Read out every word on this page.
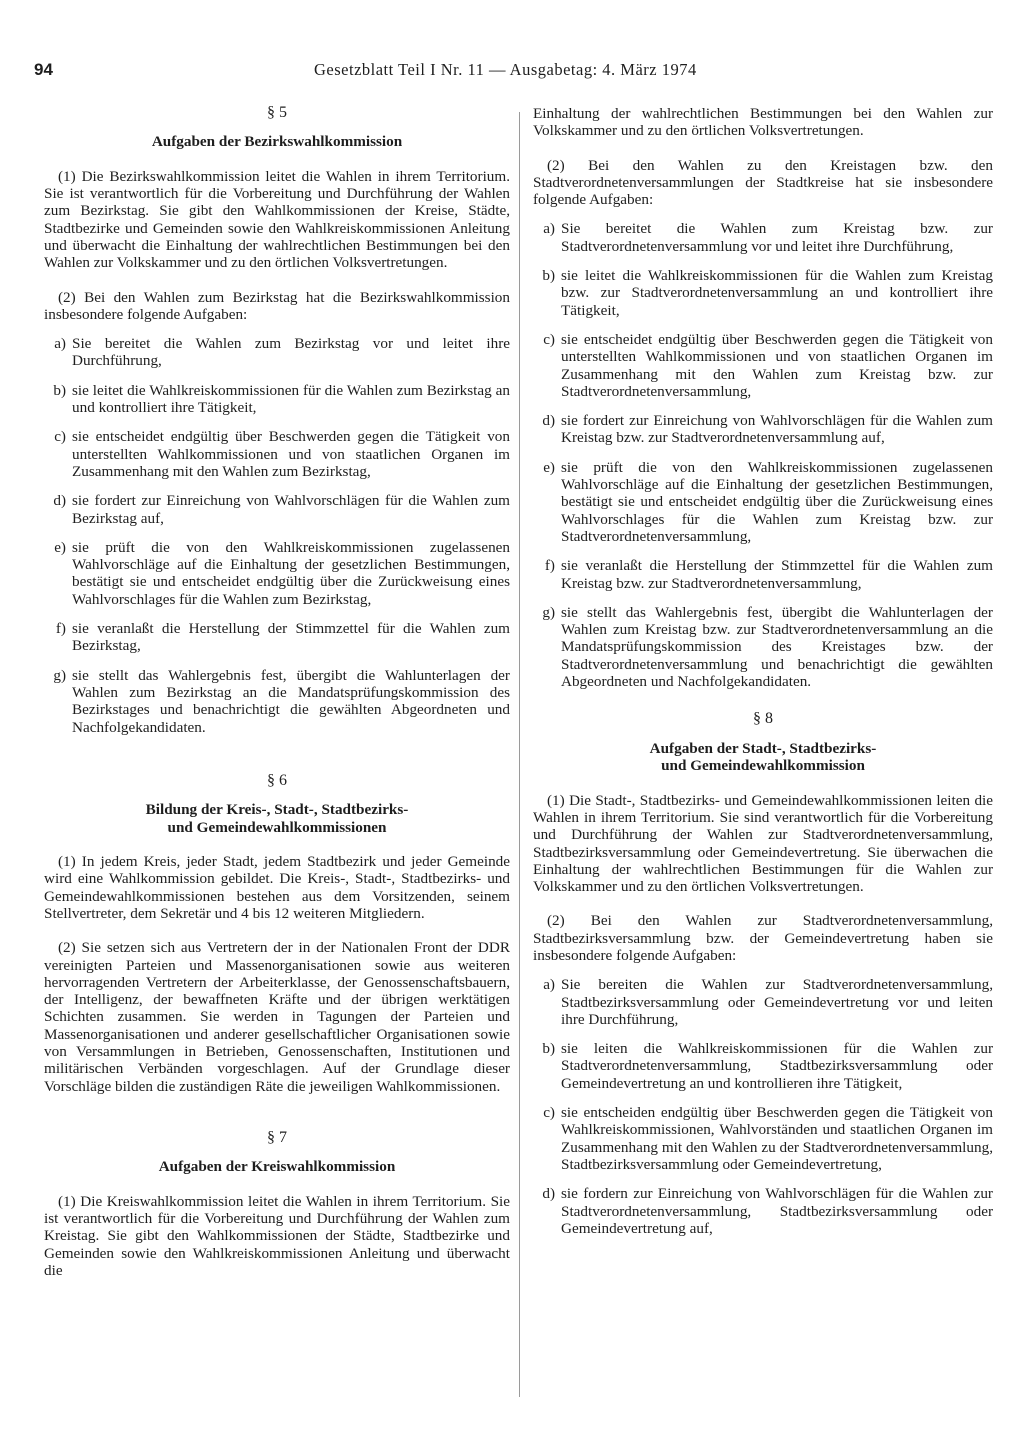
94	Gesetzblatt Teil I Nr. 11 — Ausgabetag: 4. März 1974

§ 5

Aufgaben der Bezirkswahlkommission

(1) Die Bezirkswahlkommission leitet die Wahlen in ihrem Territorium. Sie ist verantwortlich für die Vorbereitung und Durchführung der Wahlen zum Bezirkstag. Sie gibt den Wahlkommissionen der Kreise, Städte, Stadtbezirke und Gemeinden sowie den Wahlkreiskommissionen Anleitung und überwacht die Einhaltung der wahlrechtlichen Bestimmungen bei den Wahlen zur Volkskammer und zu den örtlichen Volksvertretungen.

(2) Bei den Wahlen zum Bezirkstag hat die Bezirkswahlkommission insbesondere folgende Aufgaben:

a) Sie bereitet die Wahlen zum Bezirkstag vor und leitet ihre Durchführung,
b) sie leitet die Wahlkreiskommissionen für die Wahlen zum Bezirkstag an und kontrolliert ihre Tätigkeit,
c) sie entscheidet endgültig über Beschwerden gegen die Tätigkeit von unterstellten Wahlkommissionen und von staatlichen Organen im Zusammenhang mit den Wahlen zum Bezirkstag,
d) sie fordert zur Einreichung von Wahlvorschlägen für die Wahlen zum Bezirkstag auf,
e) sie prüft die von den Wahlkreiskommissionen zugelassenen Wahlvorschläge auf die Einhaltung der gesetzlichen Bestimmungen, bestätigt sie und entscheidet endgültig über die Zurückweisung eines Wahlvorschlages für die Wahlen zum Bezirkstag,
f) sie veranlaßt die Herstellung der Stimmzettel für die Wahlen zum Bezirkstag,
g) sie stellt das Wahlergebnis fest, übergibt die Wahlunterlagen der Wahlen zum Bezirkstag an die Mandatsprüfungskommission des Bezirkstages und benachrichtigt die gewählten Abgeordneten und Nachfolgekandidaten.

§ 6

Bildung der Kreis-, Stadt-, Stadtbezirks-
und Gemeindewahlkommissionen

(1) In jedem Kreis, jeder Stadt, jedem Stadtbezirk und jeder Gemeinde wird eine Wahlkommission gebildet. Die Kreis-, Stadt-, Stadtbezirks- und Gemeindewahlkommissionen bestehen aus dem Vorsitzenden, seinem Stellvertreter, dem Sekretär und 4 bis 12 weiteren Mitgliedern.

(2) Sie setzen sich aus Vertretern der in der Nationalen Front der DDR vereinigten Parteien und Massenorganisationen sowie aus weiteren hervorragenden Vertretern der Arbeiterklasse, der Genossenschaftsbauern, der Intelligenz, der bewaffneten Kräfte und der übrigen werktätigen Schichten zusammen. Sie werden in Tagungen der Parteien und Massenorganisationen und anderer gesellschaftlicher Organisationen sowie von Versammlungen in Betrieben, Genossenschaften, Institutionen und militärischen Verbänden vorgeschlagen. Auf der Grundlage dieser Vorschläge bilden die zuständigen Räte die jeweiligen Wahlkommissionen.

§ 7

Aufgaben der Kreiswahlkommission

(1) Die Kreiswahlkommission leitet die Wahlen in ihrem Territorium. Sie ist verantwortlich für die Vorbereitung und Durchführung der Wahlen zum Kreistag. Sie gibt den Wahlkommissionen der Städte, Stadtbezirke und Gemeinden sowie den Wahlkreiskommissionen Anleitung und überwacht die

Einhaltung der wahlrechtlichen Bestimmungen bei den Wahlen zur Volkskammer und zu den örtlichen Volksvertretungen.

(2) Bei den Wahlen zu den Kreistagen bzw. den Stadtverordnetenversammlungen der Stadtkreise hat sie insbesondere folgende Aufgaben:

a) Sie bereitet die Wahlen zum Kreistag bzw. zur Stadtverordnetenversammlung vor und leitet ihre Durchführung,
b) sie leitet die Wahlkreiskommissionen für die Wahlen zum Kreistag bzw. zur Stadtverordnetenversammlung an und kontrolliert ihre Tätigkeit,
c) sie entscheidet endgültig über Beschwerden gegen die Tätigkeit von unterstellten Wahlkommissionen und von staatlichen Organen im Zusammenhang mit den Wahlen zum Kreistag bzw. zur Stadtverordnetenversammlung,
d) sie fordert zur Einreichung von Wahlvorschlägen für die Wahlen zum Kreistag bzw. zur Stadtverordnetenversammlung auf,
e) sie prüft die von den Wahlkreiskommissionen zugelassenen Wahlvorschläge auf die Einhaltung der gesetzlichen Bestimmungen, bestätigt sie und entscheidet endgültig über die Zurückweisung eines Wahlvorschlages für die Wahlen zum Kreistag bzw. zur Stadtverordnetenversammlung,
f) sie veranlaßt die Herstellung der Stimmzettel für die Wahlen zum Kreistag bzw. zur Stadtverordnetenversammlung,
g) sie stellt das Wahlergebnis fest, übergibt die Wahlunterlagen der Wahlen zum Kreistag bzw. zur Stadtverordnetenversammlung an die Mandatsprüfungskommission des Kreistages bzw. der Stadtverordnetenversammlung und benachrichtigt die gewählten Abgeordneten und Nachfolgekandidaten.

§ 8

Aufgaben der Stadt-, Stadtbezirks-
und Gemeindewahlkommission

(1) Die Stadt-, Stadtbezirks- und Gemeindewahlkommissionen leiten die Wahlen in ihrem Territorium. Sie sind verantwortlich für die Vorbereitung und Durchführung der Wahlen zur Stadtverordnetenversammlung, Stadtbezirksversammlung oder Gemeindevertretung. Sie überwachen die Einhaltung der wahlrechtlichen Bestimmungen für die Wahlen zur Volkskammer und zu den örtlichen Volksvertretungen.

(2) Bei den Wahlen zur Stadtverordnetenversammlung, Stadtbezirksversammlung bzw. der Gemeindevertretung haben sie insbesondere folgende Aufgaben:

a) Sie bereiten die Wahlen zur Stadtverordnetenversammlung, Stadtbezirksversammlung oder Gemeindevertretung vor und leiten ihre Durchführung,
b) sie leiten die Wahlkreiskommissionen für die Wahlen zur Stadtverordnetenversammlung, Stadtbezirksversammlung oder Gemeindevertretung an und kontrollieren ihre Tätigkeit,
c) sie entscheiden endgültig über Beschwerden gegen die Tätigkeit von Wahlkreiskommissionen, Wahlvorständen und staatlichen Organen im Zusammenhang mit den Wahlen zu der Stadtverordnetenversammlung, Stadtbezirksversammlung oder Gemeindevertretung,
d) sie fordern zur Einreichung von Wahlvorschlägen für die Wahlen zur Stadtverordnetenversammlung, Stadtbezirksversammlung oder Gemeindevertretung auf,
